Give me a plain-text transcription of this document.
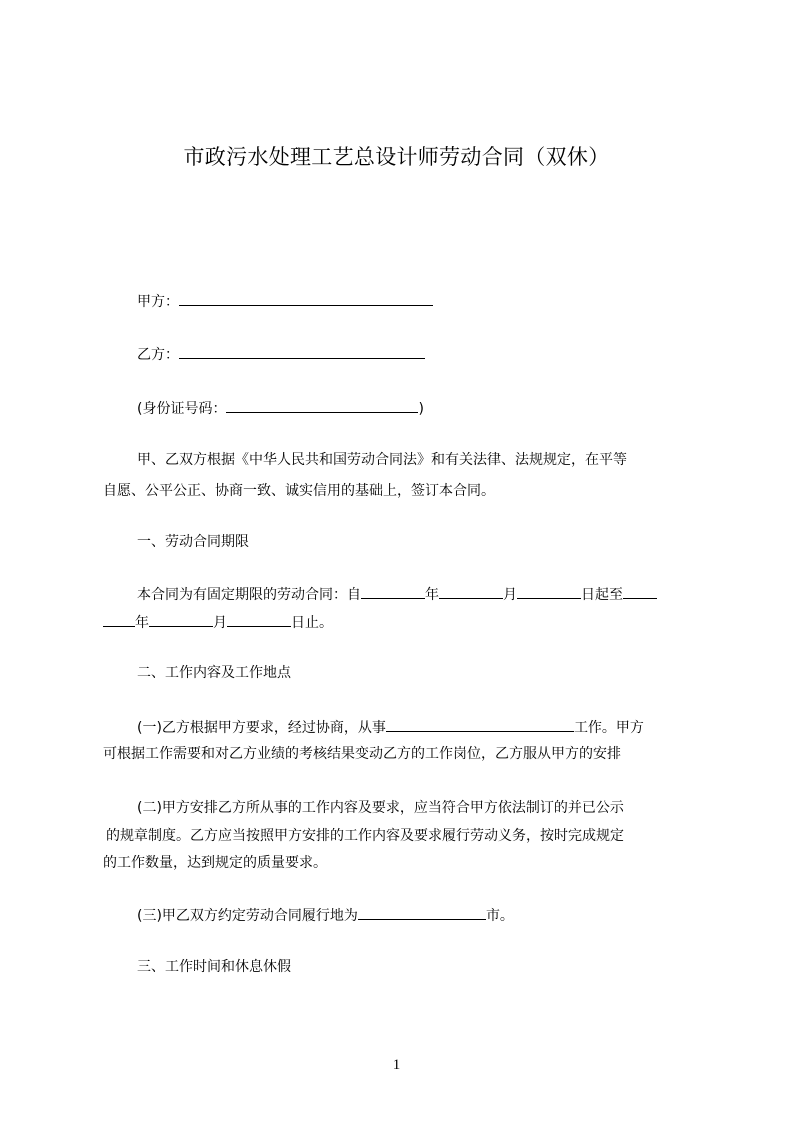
市政污水处理工艺总设计师劳动合同（双休）
甲方：
乙方：
(身份证号码：	)
甲、乙双方根据《中华人民共和国劳动合同法》和有关法律、法规规定，在平等
自愿、公平公正、协商一致、诚实信用的基础上，签订本合同。
一、劳动合同期限
本合同为有固定期限的劳动合同：自	年	月	日起至
年	月	日止。
二、工作内容及工作地点
(一)乙方根据甲方要求，经过协商，从事	工作。甲方
可根据工作需要和对乙方业绩的考核结果变动乙方的工作岗位，乙方服从甲方的安排
(二)甲方安排乙方所从事的工作内容及要求，应当符合甲方依法制订的并已公示
的规章制度。乙方应当按照甲方安排的工作内容及要求履行劳动义务，按时完成规定
的工作数量，达到规定的质量要求。
(三)甲乙双方约定劳动合同履行地为	市。
三、工作时间和休息休假
1
